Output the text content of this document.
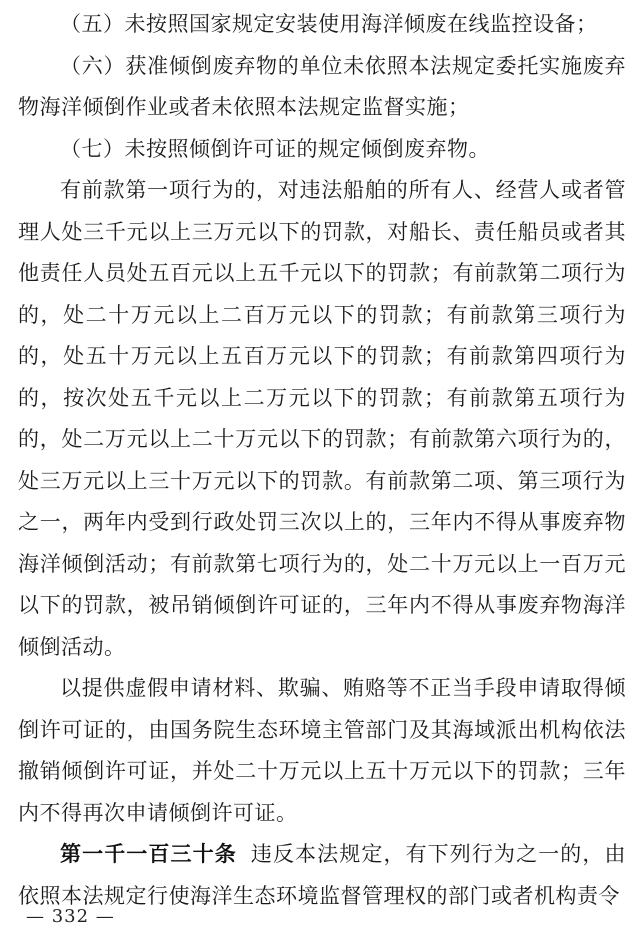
（五）未按照国家规定安装使用海洋倾废在线监控设备；

（六）获准倾倒废弃物的单位未依照本法规定委托实施废弃物海洋倾倒作业或者未依照本法规定监督实施；

（七）未按照倾倒许可证的规定倾倒废弃物。

有前款第一项行为的，对违法船舶的所有人、经营人或者管理人处三千元以上三万元以下的罚款，对船长、责任船员或者其他责任人员处五百元以上五千元以下的罚款；有前款第二项行为的，处二十万元以上二百万元以下的罚款；有前款第三项行为的，处五十万元以上五百万元以下的罚款；有前款第四项行为的，按次处五千元以上二万元以下的罚款；有前款第五项行为的，处二万元以上二十万元以下的罚款；有前款第六项行为的，处三万元以上三十万元以下的罚款。有前款第二项、第三项行为之一，两年内受到行政处罚三次以上的，三年内不得从事废弃物海洋倾倒活动；有前款第七项行为的，处二十万元以上一百万元以下的罚款，被吊销倾倒许可证的，三年内不得从事废弃物海洋倾倒活动。

以提供虚假申请材料、欺骗、贿赂等不正当手段申请取得倾倒许可证的，由国务院生态环境主管部门及其海域派出机构依法撤销倾倒许可证，并处二十万元以上五十万元以下的罚款；三年内不得再次申请倾倒许可证。

第一千一百三十条 违反本法规定，有下列行为之一的，由依照本法规定行使海洋生态环境监督管理权的部门或者机构责令

— 332 —
